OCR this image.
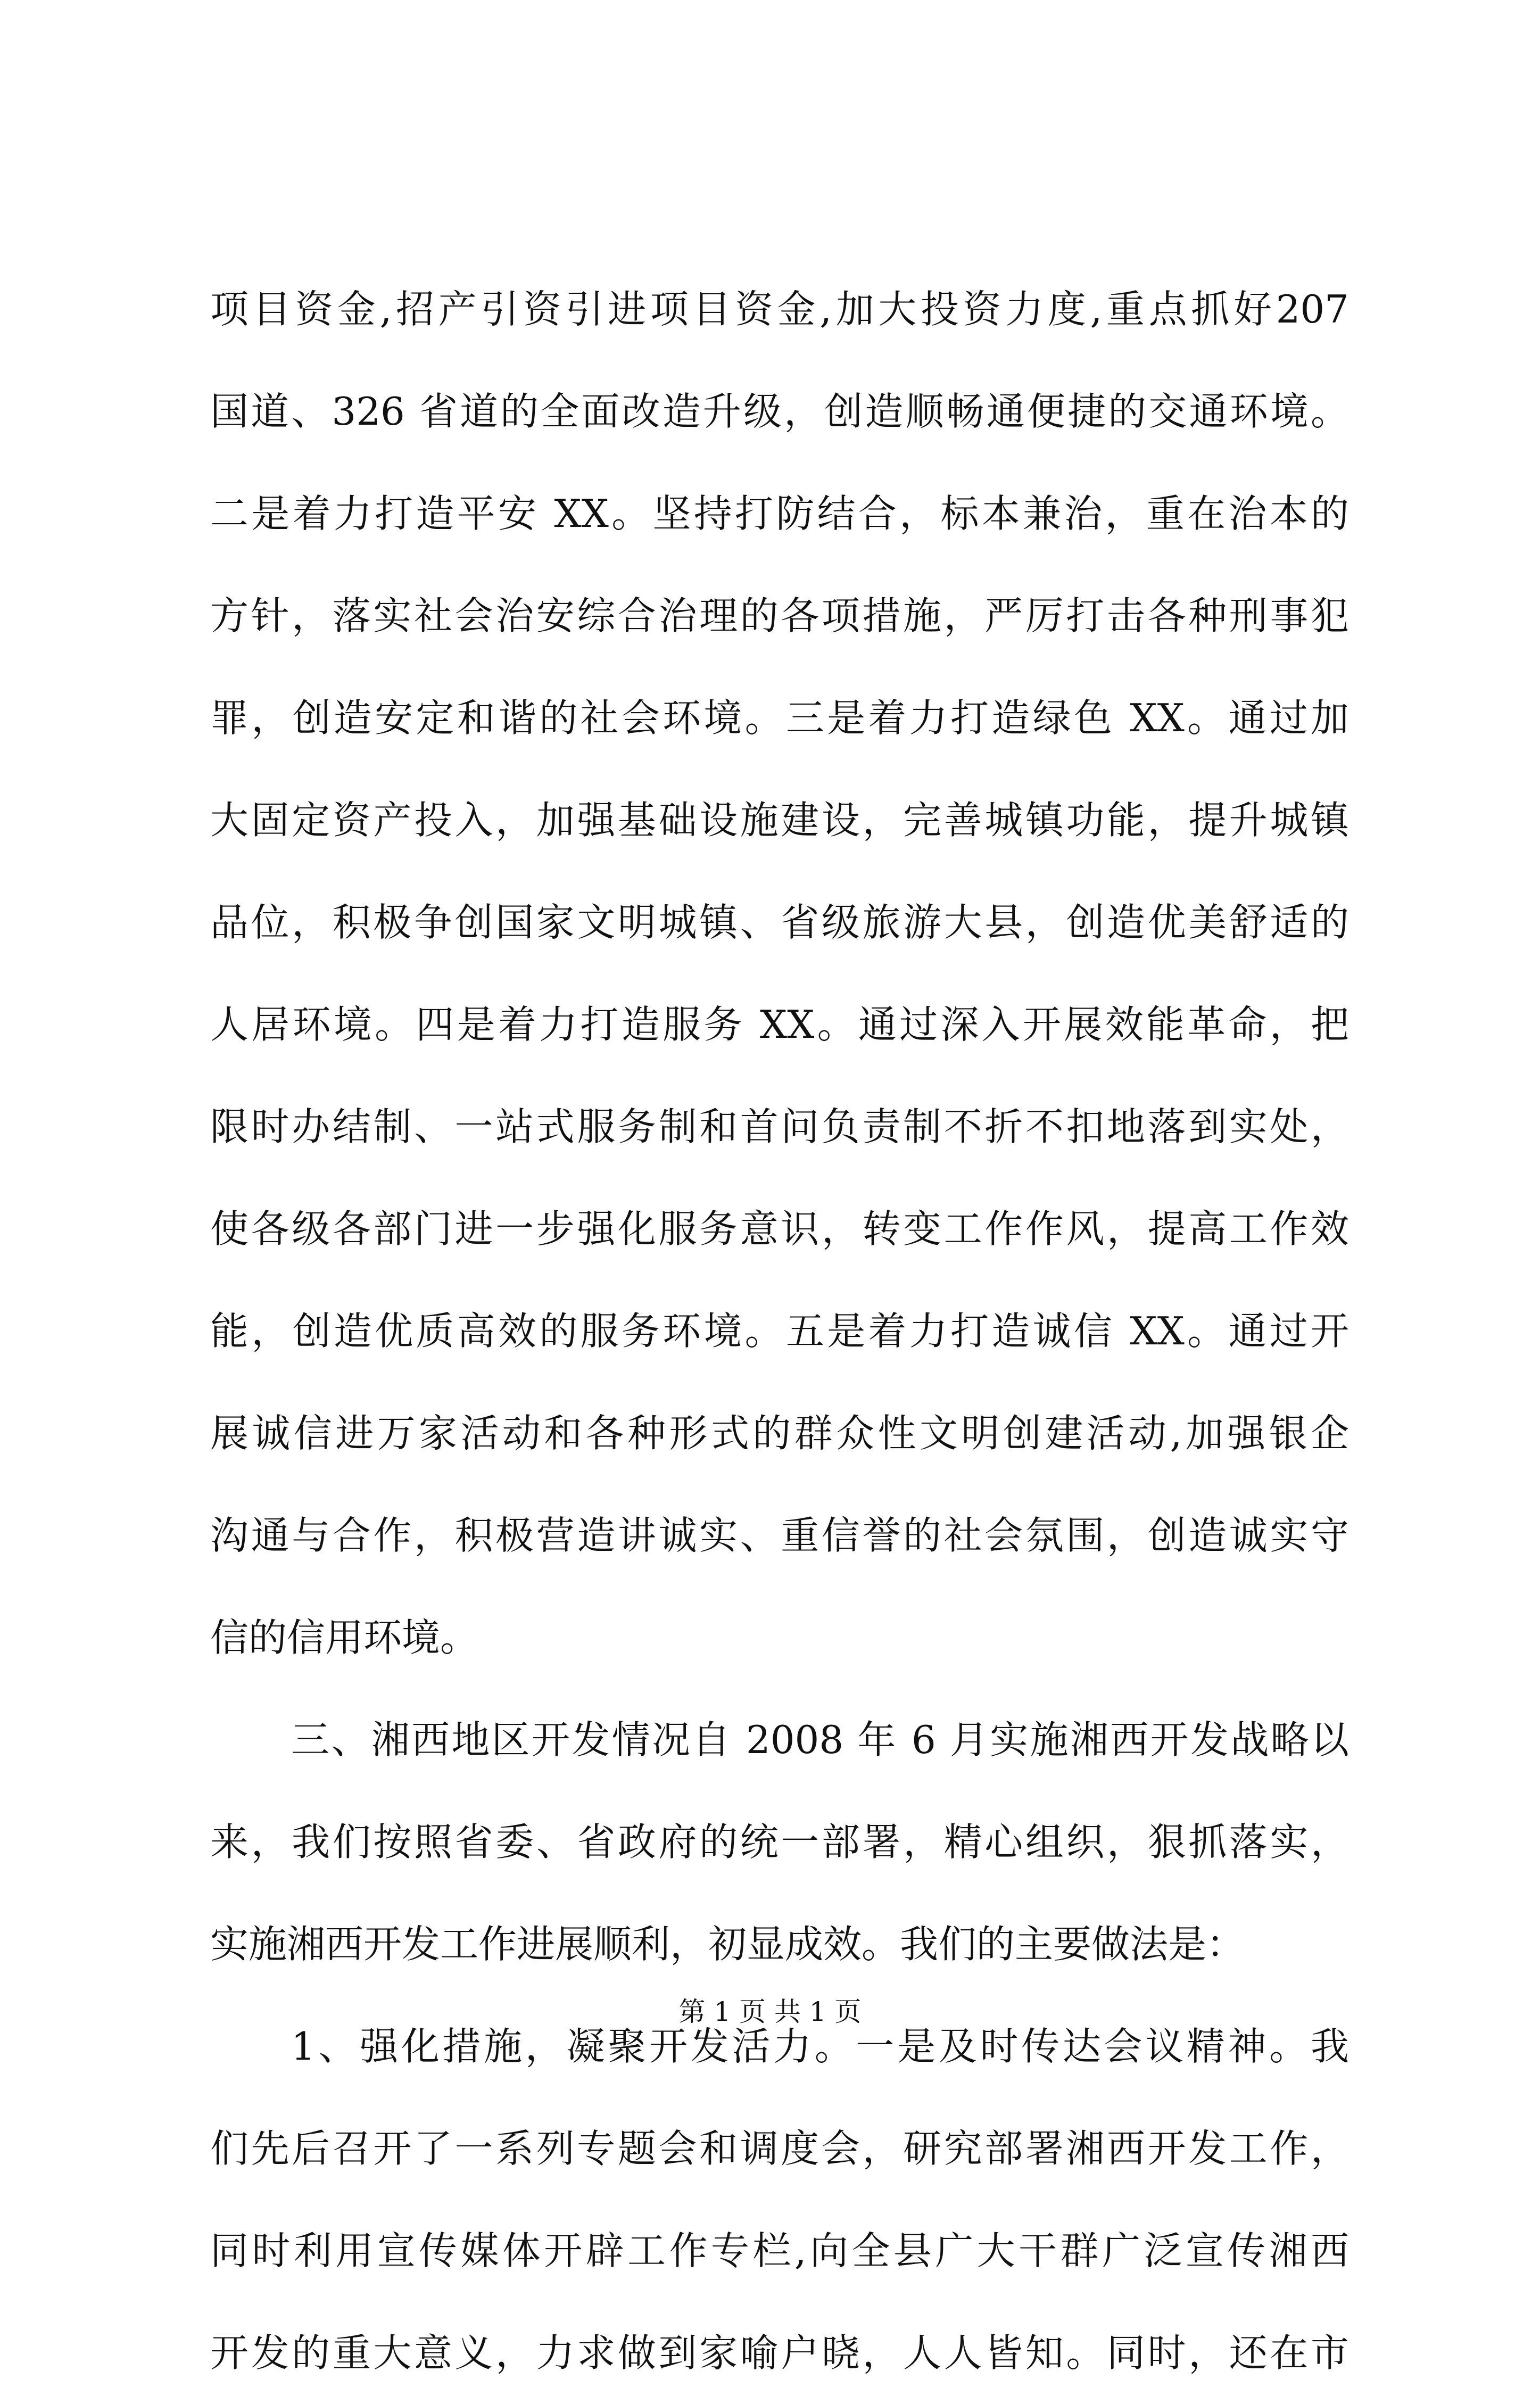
项目资金,招产引资引进项目资金,加大投资力度,重点抓好207
国道、326 省道的全面改造升级，创造顺畅通便捷的交通环境。
二是着力打造平安 XX。坚持打防结合，标本兼治，重在治本的
方针，落实社会治安综合治理的各项措施，严厉打击各种刑事犯
罪，创造安定和谐的社会环境。三是着力打造绿色 XX。通过加
大固定资产投入，加强基础设施建设，完善城镇功能，提升城镇
品位，积极争创国家文明城镇、省级旅游大县，创造优美舒适的
人居环境。四是着力打造服务 XX。通过深入开展效能革命，把
限时办结制、一站式服务制和首问负责制不折不扣地落到实处，
使各级各部门进一步强化服务意识，转变工作作风，提高工作效
能，创造优质高效的服务环境。五是着力打造诚信 XX。通过开
展诚信进万家活动和各种形式的群众性文明创建活动,加强银企
沟通与合作，积极营造讲诚实、重信誉的社会氛围，创造诚实守
信的信用环境。
三、湘西地区开发情况自 2008 年 6 月实施湘西开发战略以
来，我们按照省委、省政府的统一部署，精心组织，狠抓落实，
实施湘西开发工作进展顺利，初显成效。我们的主要做法是：
1、强化措施，凝聚开发活力。一是及时传达会议精神。我
们先后召开了一系列专题会和调度会，研究部署湘西开发工作，
同时利用宣传媒体开辟工作专栏,向全县广大干群广泛宣传湘西
开发的重大意义，力求做到家喻户晓，人人皆知。同时，还在市
第 1 页 共 1 页
